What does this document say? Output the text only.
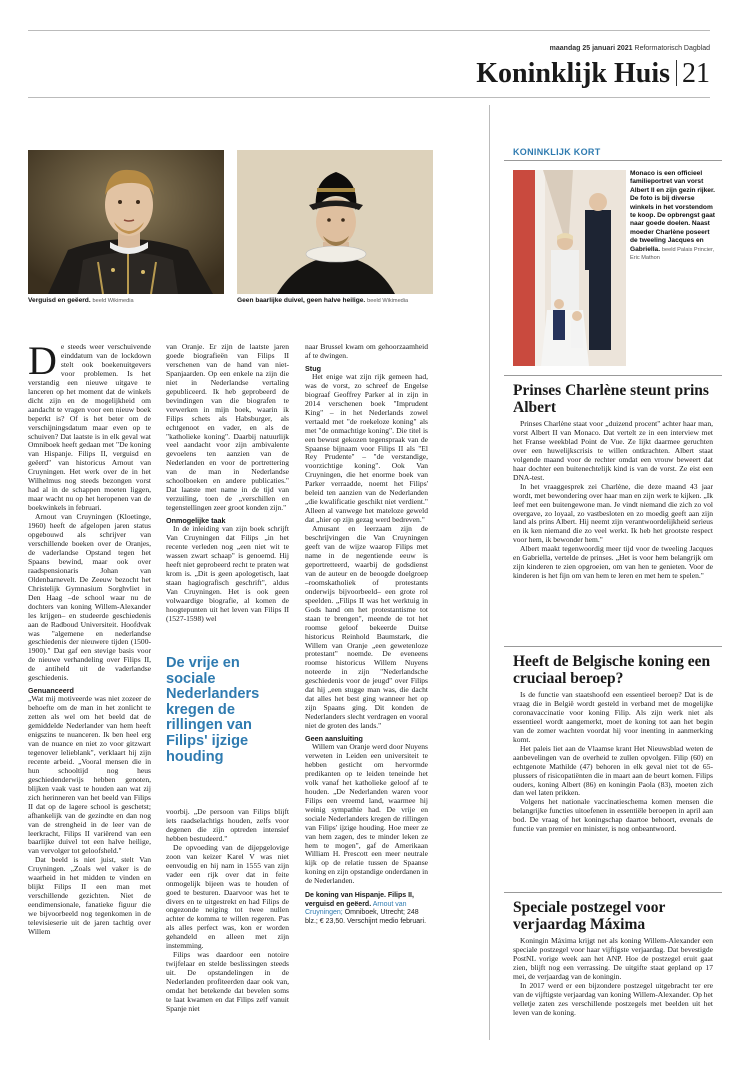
maandag 25 januari 2021 Reformatorisch Dagblad
Koninklijk Huis 21
Verguisd en geëerd. beeld Wikimedia	Geen baarlijke duivel, geen halve heilige. beeld Wikimedia
D e steeds weer verschuivende einddatum van de lockdown stelt ook boekenuitgevers voor problemen. Is het verstandig een nieuwe uitgave te lanceren op het moment dat de winkels dicht zijn en de mogelijkheid om aandacht te vragen voor een nieuw boek beperkt is? Of is het beter om de verschijningsdatum maar even op te schuiven? Dat laatste is in elk geval wat Omniboek heeft gedaan met "De koning van Hispanje. Filips II, verguisd en geëerd" van historicus Arnout van Cruyningen. Het werk over de in het Wilhelmus nog steeds bezongen vorst had al in de schappen moeten liggen, maar wacht nu op het heropenen van de boekwinkels in februari.

Arnout van Cruyningen (Kloetinge, 1960) heeft de afgelopen jaren status opgebouwd als schrijver van verschillende boeken over de Oranjes, de vaderlandse Opstand tegen het Spaans bewind, maar ook over raadspensionaris Johan van Oldenbarnevelt. De Zeeuw bezocht het Christelijk Gymnasium Sorghvliet in Den Haag –de school waar nu de dochters van koning Willem-Alexander les krijgen– en studeerde geschiedenis aan de Radboud Universiteit. Hoofdvak was "algemene en nederlandse geschiedenis der nieuwere tijden (1500-1900)." Dat gaf een stevige basis voor de nieuwe verhandeling over Filips II, de antiheld uit de vaderlandse geschiedenis.

Genuanceerd

„Wat mij motiveerde was niet zozeer de behoefte om de man in het zonlicht te zetten als wel om het beeld dat de gemiddelde Nederlander van hem heeft enigszins te nuanceren. Ik ben heel erg van de nuance en niet zo voor gitzwart tegenover lelieblank", verklaart hij zijn recente arbeid. „Vooral mensen die in hun schooltijd nog heus geschiedenderwijs hebben genoten, blijken vaak vast te houden aan wat zij zich herinneren van het beeld van Filips II dat op de lagere school is geschetst; afhankelijk van de gezindte en dan nog van de strengheid in de leer van de leerkracht, Filips II variërend van een baarlijke duivel tot een halve heilige, van vervolger tot geloofsheld."

Dat beeld is niet juist, stelt Van Cruyningen. „Zoals wel vaker is de waarheid in het midden te vinden en blijkt Filips II een man met verschillende gezichten. Niet de eendimensionale, fanatieke figuur die we bijvoorbeeld nog tegenkomen in de televisieserie uit de jaren tachtig over Willem

van Oranje. Er zijn de laatste jaren goede biografieën van Filips II verschenen van de hand van niet-Spanjaarden. Op een enkele na zijn die niet in Nederlandse vertaling gepubliceerd. Ik heb geprobeerd de bevindingen van die biografen te verwerken in mijn boek, waarin ik Filips schets als Habsburger, als echtgenoot en vader, en als de "katholieke koning". Daarbij natuurlijk veel aandacht voor zijn ambivalente gevoelens ten aanzien van de Nederlanden en voor de portrettering van de man in Nederlandse schoolboeken en andere publicaties." Dat laatste met name in de tijd van verzuiling, toen de „verschillen en tegenstellingen zeer groot konden zijn."

Onmogelijke taak

In de inleiding van zijn boek schrijft Van Cruyningen dat Filips „in het recente verleden nog „een niet wit te wassen zwart schaap" is genoemd. Hij heeft niet geprobeerd recht te praten wat krom is. „Dit is geen apologetisch, laat staan hagiografisch geschrift", aldus Van Cruyningen. Het is ook geen volwaardige biografie, al komen de hoogtepunten uit het leven van Filips II (1527-1598) wel

De vrije en sociale Nederlanders kregen de rillingen van Filips' ijzige houding

voorbij. „De persoon van Filips blijft iets raadselachtigs houden, zelfs voor degenen die zijn optreden intensief hebben bestudeerd."

De opvoeding van de dijepgelovige zoon van keizer Karel V was niet eenvoudig en hij nam in 1555 van zijn vader een rijk over dat in feite onmogelijk bijeen was te houden of goed te besturen. Daarvoor was het te divers en te uitgestrekt en had Filips de ongezonde neiging tot twee nullen achter de komma te willen regeren. Pas als alles perfect was, kon er worden gehandeld en alleen met zijn instemming.

Filips was daardoor een notoire twijfelaar en stelde beslissingen steeds uit. De opstandelingen in de Nederlanden profiteerden daar ook van, omdat het betekende dat bevelen soms te laat kwamen en dat Filips zelf vanuit Spanje niet

naar Brussel kwam om gehoorzaamheid af te dwingen.

Stug

Het enige wat zijn rijk gemeen had, was de vorst, zo schreef de Engelse biograaf Geoffrey Parker al in zijn in 2014 verschenen boek "Imprudent King" – in het Nederlands zowel vertaald met "de roekeloze koning" als met "de onmachtige koning". Die titel is een bewust gekozen tegenspraak van de Spaanse bijnaam voor Filips II als "El Rey Prudente" – "de verstandige, voorzichtige koning". Ook Van Cruyningen, die het enorme boek van Parker verraadde, noemt het Filips' beleid ten aanzien van de Nederlanden „die kwalificatie geschikt niet verdient." Alleen al vanwege het mateloze geweld dat „hier op zijn gezag werd bedreven."

Amusant en leerzaam zijn de beschrijvingen die Van Cruyningen geeft van de wijze waarop Filips met name in de negentiende eeuw is geportretteerd, waarbij de godsdienst van de auteur en de beoogde doelgroep –roomskatholiek of protestants onderwijs bijvoorbeeld– een grote rol speelden. „Filips II was het werktuig in Gods hand om het protestantisme tot staan te brengen", meende de tot het roomse geloof bekeerde Duitse historicus Reinhold Baumstark, die Willem van Oranje „een gewetenloze protestant" noemde. De eveneens roomse historicus Willem Nuyens noteerde in zijn "Nederlandsche geschiedenis voor de jeugd" over Filips dat hij „een stugge man was, die dacht dat alles het best ging wanneer het op zijn Spaans ging. Dit konden de Nederlanders slecht verdragen en vooral niet de groten des lands."

Geen aansluiting

Willem van Oranje werd door Nuyens verweten in Leiden een universiteit te hebben gesticht om hervormde predikanten op te leiden teneinde het volk vanaf het katholieke geloof af te houden. „De Nederlanden waren voor Filips een vreemd land, waarmee hij weinig sympathie had. De vrije en sociale Nederlanders kregen de rillingen van Filips' ijzige houding. Hoe meer ze van hem zagen, des te minder leken ze hem te mogen", gaf de Amerikaan William H. Prescott een meer neutrale kijk op de relatie tussen de Spaanse koning en zijn opstandige onderdanen in de Nederlanden.

De koning van Hispanje. Filips II, verguisd en geëerd. Arnout van Cruyningen; Omniboek, Utrecht; 248 blz.; € 23,50. Verschijnt medio februari.
KONINKLIJK KORT
Monaco is een officieel familieportret van vorst Albert II en zijn gezin rijker. De foto is bij diverse winkels in het vorstendom te koop. De opbrengst gaat naar goede doelen. Naast moeder Charlène poseert de tweeling Jacques en Gabriella. beeld Palais Princier, Eric Mathon
Prinses Charlène steunt prins Albert

Prinses Charlène staat voor „duizend procent" achter haar man, vorst Albert II van Monaco. Dat vertelt ze in een interview met het Franse weekblad Point de Vue. Ze lijkt daarmee geruchten over een huwelijkscrisis te willen ontkrachten. Albert staat volgende maand voor de rechter omdat een vrouw beweert dat haar dochter een buitenechtelijk kind is van de vorst. Ze eist een DNA-test.

In het vraaggesprek zei Charlène, die deze maand 43 jaar wordt, met bewondering over haar man en zijn werk te kijken. „Ik leef met een buitengewone man. Je vindt niemand die zich zo vol overgave, zo loyaal, zo vastbesloten en zo moedig geeft aan zijn land als prins Albert. Hij neemt zijn verantwoordelijkheid serieus en ik ken niemand die zo veel werkt. Ik heb het grootste respect voor hem, ik bewonder hem."

Albert maakt tegenwoordig meer tijd voor de tweeling Jacques en Gabriella, vertelde de prinses. „Het is voor hem belangrijk om zijn kinderen te zien opgroeien, om van hen te genieten. Voor de kinderen is het fijn om van hem te leren en met hem te spelen."

Heeft de Belgische koning een cruciaal beroep?

Is de functie van staatshoofd een essentieel beroep? Dat is de vraag die in België wordt gesteld in verband met de mogelijke coronavaccinatie voor koning Filip. Als zijn werk niet als essentieel wordt aangemerkt, moet de koning tot aan het begin van de zomer wachten voordat hij voor inenting in aanmerking komt.

Het paleis liet aan de Vlaamse krant Het Nieuwsblad weten de aanbevelingen van de overheid te zullen opvolgen. Filip (60) en echtgenote Mathilde (47) behoren in elk geval niet tot de 65-plussers of risicopatiënten die in maart aan de beurt komen. Filips ouders, koning Albert (86) en koningin Paola (83), moeten zich dan wel laten prikken.

Volgens het nationale vaccinatieschema komen mensen die belangrijke functies uitoefenen in essentiële beroepen in april aan bod. De vraag of het koningschap daartoe behoort, evenals de functie van premier en minister, is nog onbeantwoord.

Speciale postzegel voor verjaardag Máxima

Koningin Máxima krijgt net als koning Willem-Alexander een speciale postzegel voor haar vijftigste verjaardag. Dat bevestigde PostNL vorige week aan het ANP. Hoe de postzegel eruit gaat zien, blijft nog een verrassing. De uitgifte staat gepland op 17 mei, de verjaardag van de koningin.

In 2017 werd er een bijzondere postzegel uitgebracht ter ere van de vijftigste verjaardag van koning Willem-Alexander. Op het velletje zaten zes verschillende postzegels met beelden uit het leven van de koning.
